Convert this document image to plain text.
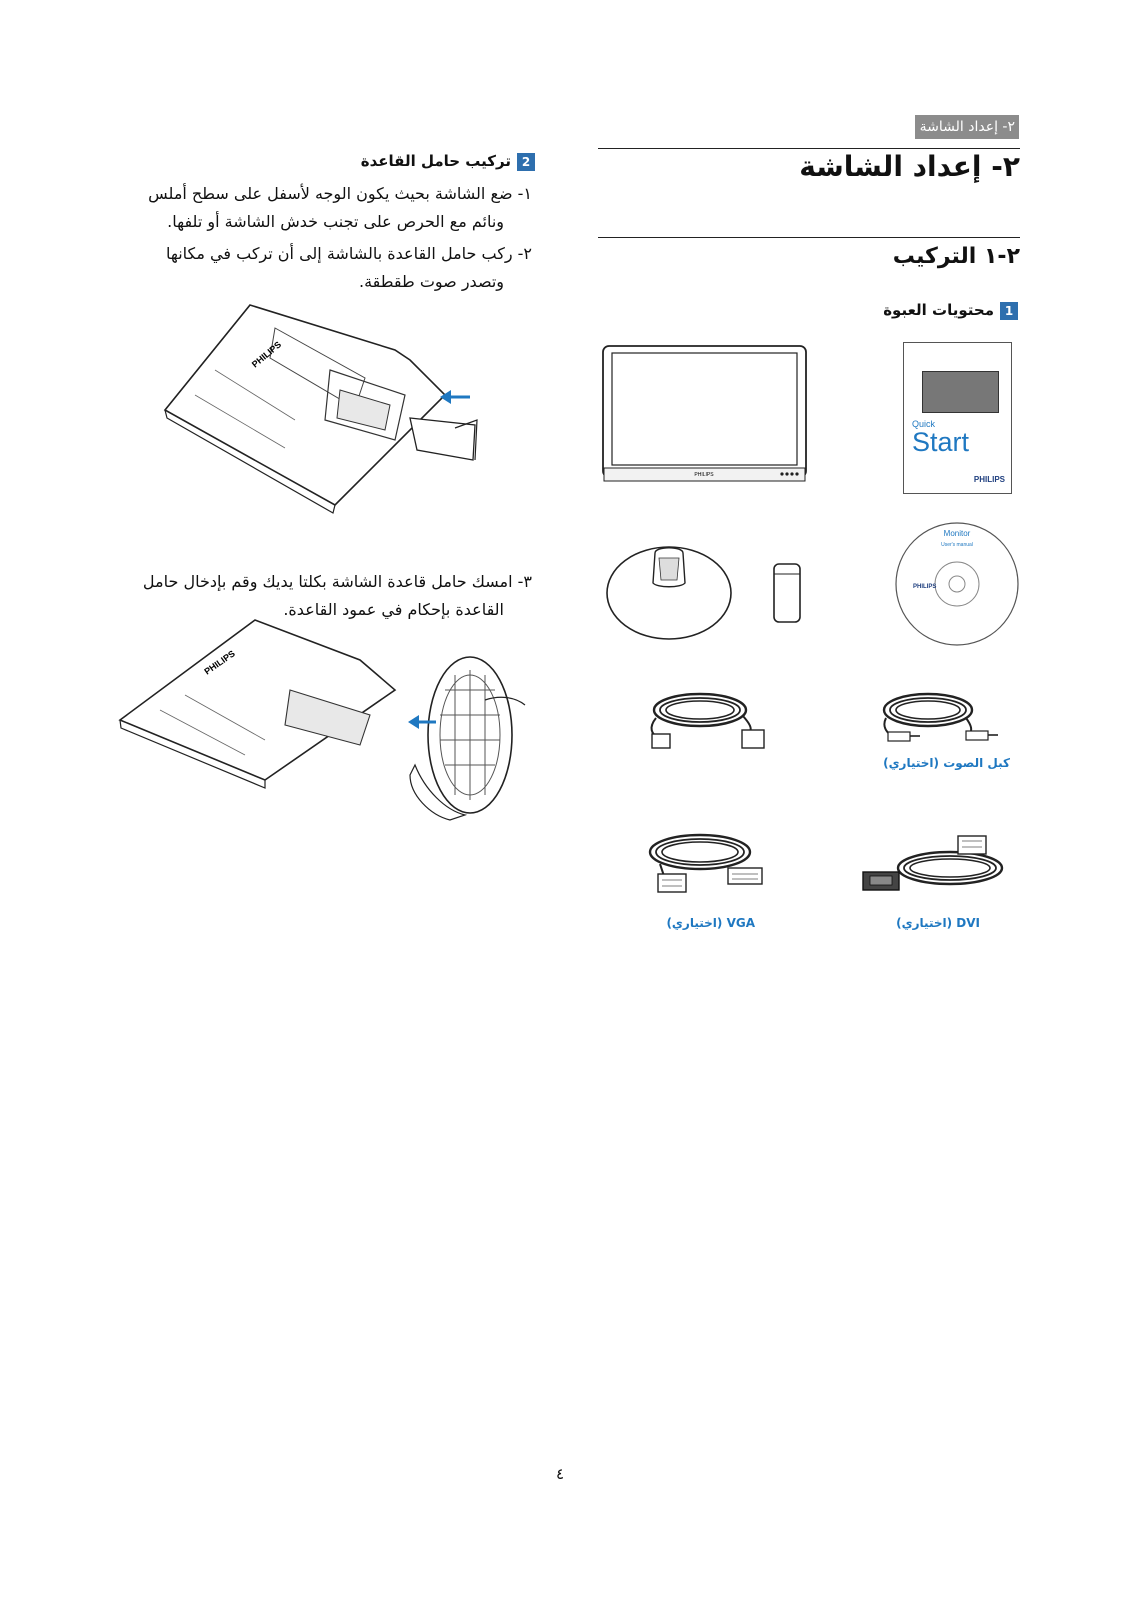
٢- إعداد الشاشة
٢- إعداد الشاشة
٢-١ التركيب
1
محتويات العبوة
2
تركيب حامل القاعدة
١- ضع الشاشة بحيث يكون الوجه لأسفل على سطح أملس
ونائم مع الحرص على تجنب خدش الشاشة أو تلفها.
٢- ركب حامل القاعدة بالشاشة إلى أن تركب في مكانها
وتصدر صوت طقطقة.
٣- امسك حامل قاعدة الشاشة بكلتا يديك وقم بإدخال حامل
القاعدة بإحكام في عمود القاعدة.
PHILIPS
PHILIPS
PHILIPS
Quick
Start
PHILIPS
Monitor
User's manual
PHILIPS
كبل الصوت (اختياري)
VGA (اختياري)	DVI (اختياري)
٤
